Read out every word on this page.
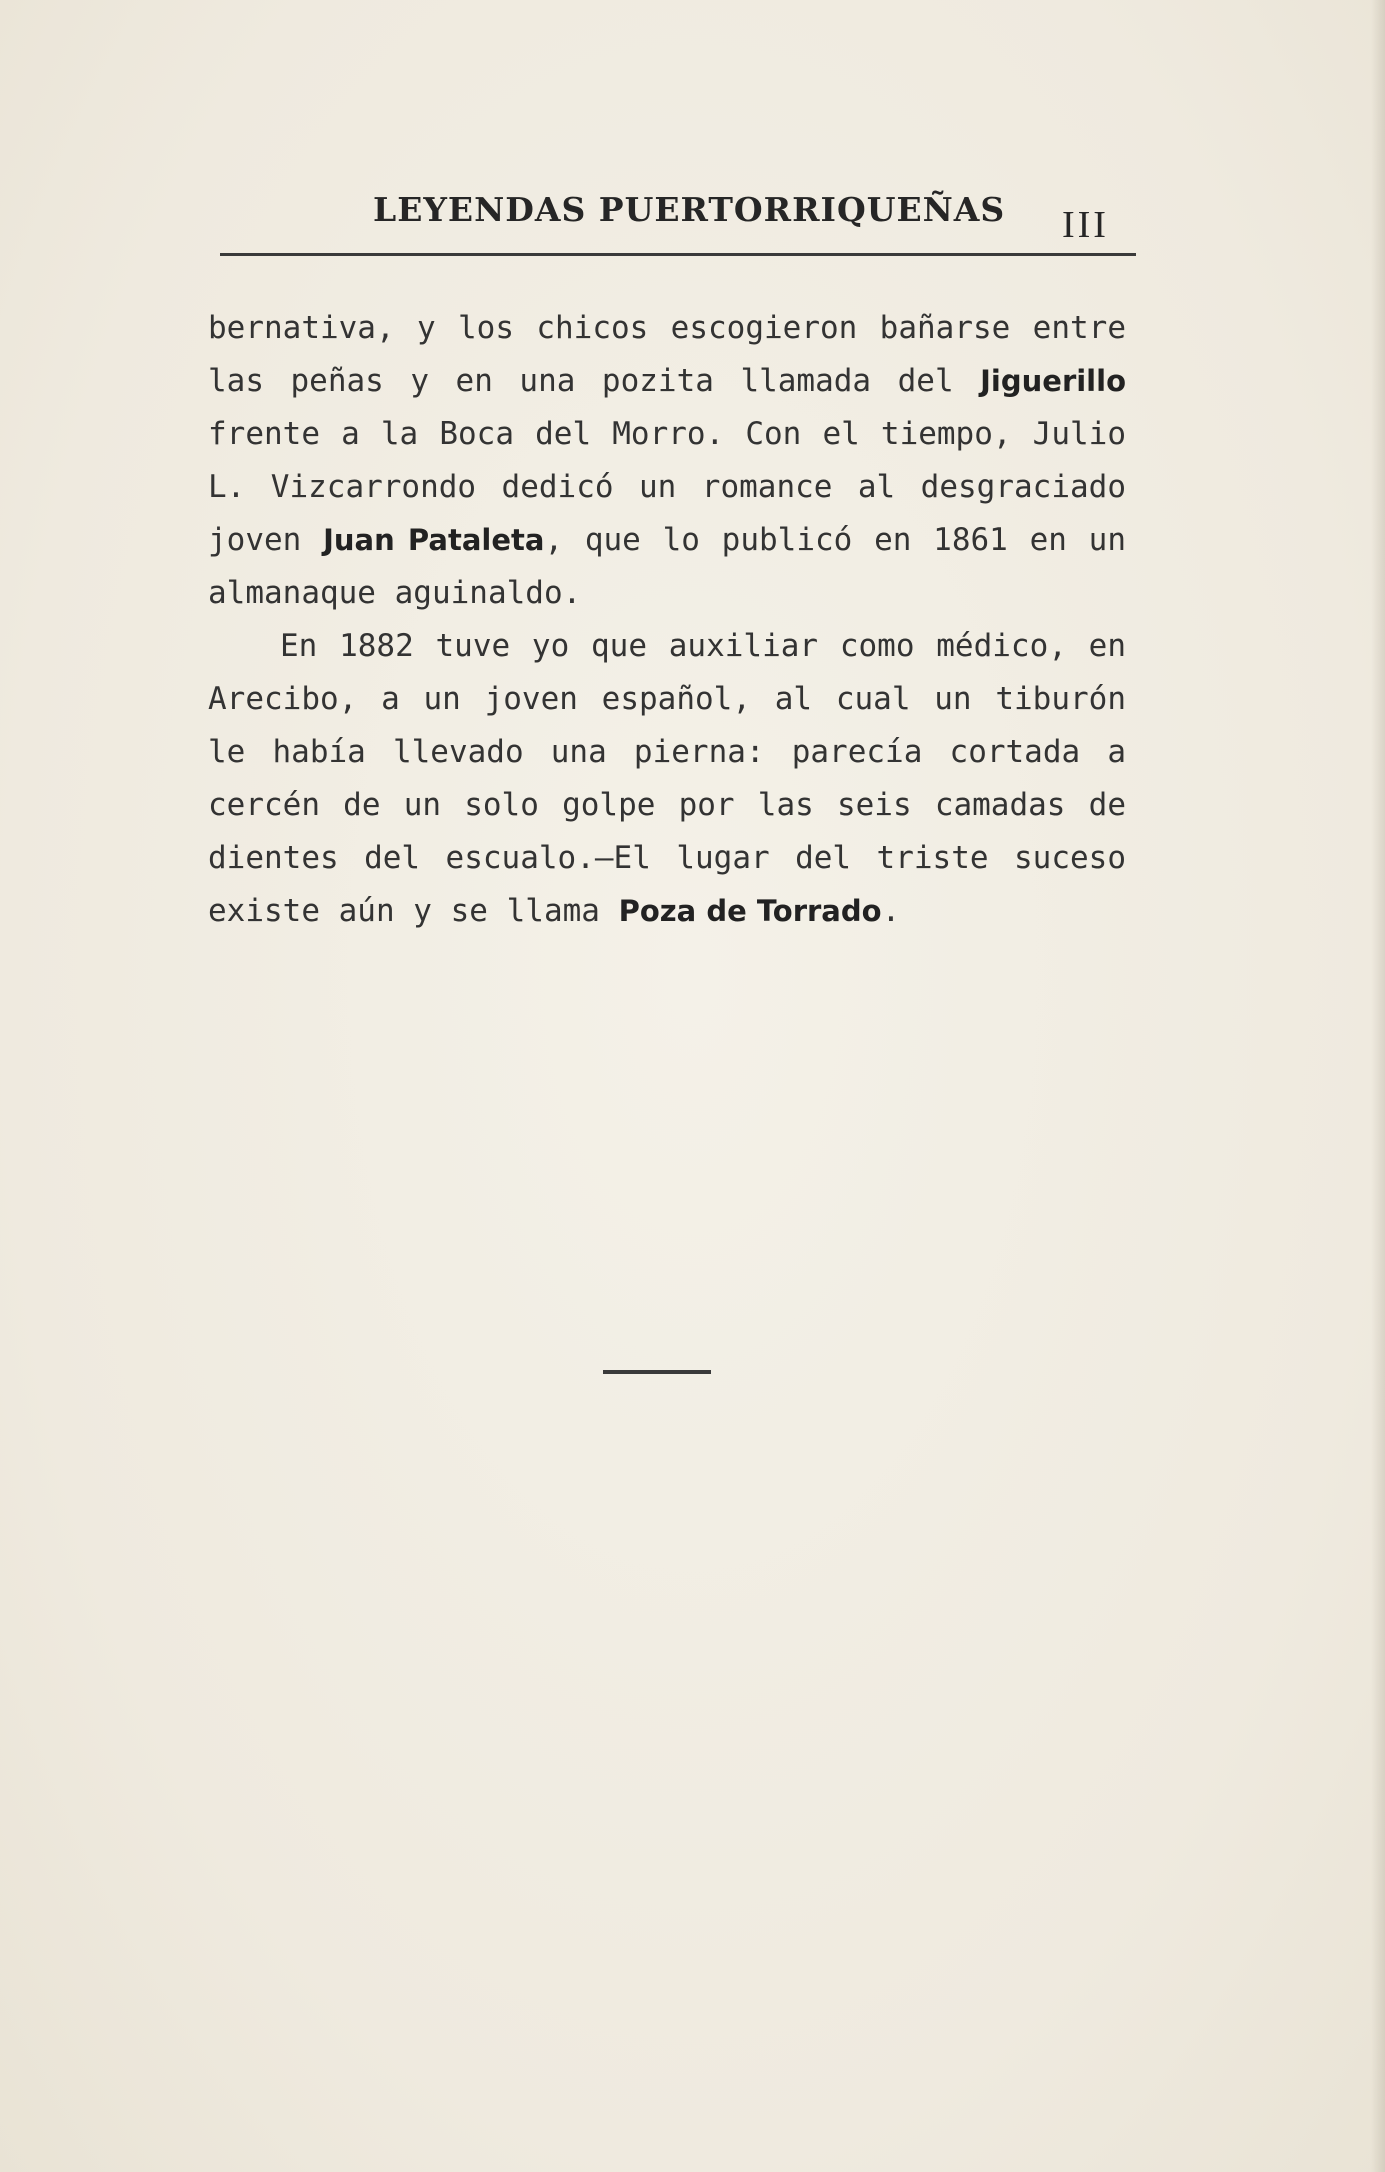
LEYENDAS PUERTORRIQUEÑAS III

bernativa, y los chicos escogieron bañarse entre las peñas y en una pozita llamada del Jiguerillo frente a la Boca del Morro. Con el tiempo, Julio L. Vizcarrondo dedicó un romance al desgraciado joven Juan Pataleta, que lo publicó en 1861 en un almanaque aguinaldo.

En 1882 tuve yo que auxiliar como médico, en Arecibo, a un joven español, al cual un tiburón le había llevado una pierna: parecía cortada a cercén de un solo golpe por las seis camadas de dientes del escualo.—El lugar del triste suceso existe aún y se llama Poza de Torrado.
